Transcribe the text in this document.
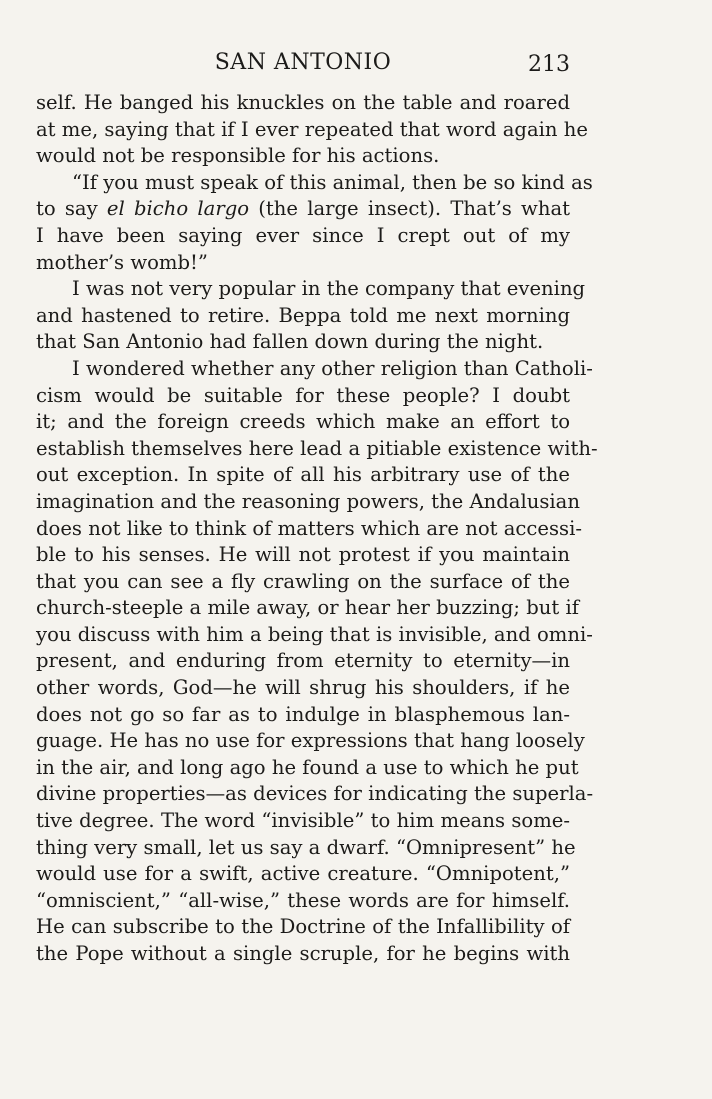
SAN ANTONIO	213
self. He banged his knuckles on the table and roared
at me, saying that if I ever repeated that word again he
would not be responsible for his actions.
“If you must speak of this animal, then be so kind as
to say el bicho largo (the large insect). That’s what
I have been saying ever since I crept out of my
mother’s womb!”
I was not very popular in the company that evening
and hastened to retire. Beppa told me next morning
that San Antonio had fallen down during the night.
I wondered whether any other religion than Catholi-
cism would be suitable for these people? I doubt
it; and the foreign creeds which make an effort to
establish themselves here lead a pitiable existence with-
out exception. In spite of all his arbitrary use of the
imagination and the reasoning powers, the Andalusian
does not like to think of matters which are not accessi-
ble to his senses. He will not protest if you maintain
that you can see a fly crawling on the surface of the
church-steeple a mile away, or hear her buzzing; but if
you discuss with him a being that is invisible, and omni-
present, and enduring from eternity to eternity—in
other words, God—he will shrug his shoulders, if he
does not go so far as to indulge in blasphemous lan-
guage. He has no use for expressions that hang loosely
in the air, and long ago he found a use to which he put
divine properties—as devices for indicating the superla-
tive degree. The word “invisible” to him means some-
thing very small, let us say a dwarf. “Omnipresent” he
would use for a swift, active creature. “Omnipotent,”
“omniscient,” “all-wise,” these words are for himself.
He can subscribe to the Doctrine of the Infallibility of
the Pope without a single scruple, for he begins with
